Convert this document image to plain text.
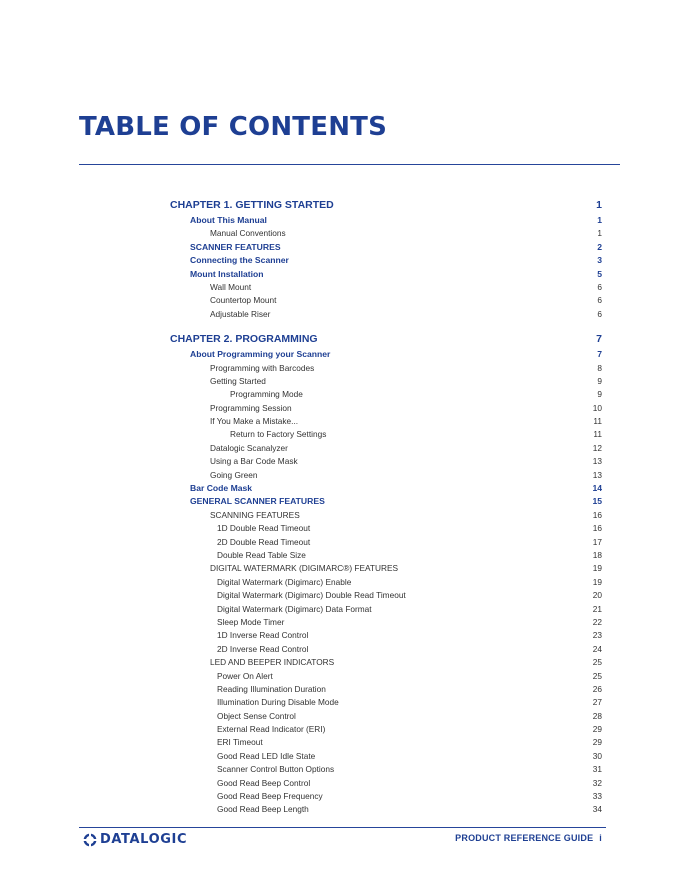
TABLE OF CONTENTS
CHAPTER 1. GETTING STARTED	1
About This Manual	1
Manual Conventions	1
SCANNER FEATURES	2
Connecting the Scanner	3
Mount Installation	5
Wall Mount	6
Countertop Mount	6
Adjustable Riser	6
CHAPTER 2. PROGRAMMING	7
About Programming your Scanner	7
Programming with Barcodes	8
Getting Started	9
Programming Mode	9
Programming Session	10
If You Make a Mistake...	11
Return to Factory Settings	11
Datalogic Scanalyzer	12
Using a Bar Code Mask	13
Going Green	13
Bar Code Mask	14
GENERAL SCANNER FEATURES	15
SCANNING FEATURES	16
1D Double Read Timeout	16
2D Double Read Timeout	17
Double Read Table Size	18
DIGITAL WATERMARK (DIGIMARC®) FEATURES	19
Digital Watermark (Digimarc) Enable	19
Digital Watermark (Digimarc) Double Read Timeout	20
Digital Watermark (Digimarc) Data Format	21
Sleep Mode Timer	22
1D Inverse Read Control	23
2D Inverse Read Control	24
LED AND BEEPER INDICATORS	25
Power On Alert	25
Reading Illumination Duration	26
Illumination During Disable Mode	27
Object Sense Control	28
External Read Indicator (ERI)	29
ERI Timeout	29
Good Read LED Idle State	30
Scanner Control Button Options	31
Good Read Beep Control	32
Good Read Beep Frequency	33
Good Read Beep Length	34
DATALOGIC	PRODUCT REFERENCE GUIDE i
